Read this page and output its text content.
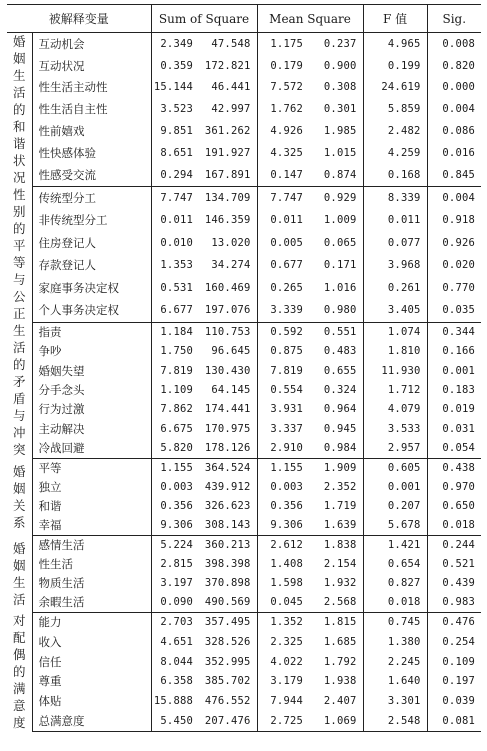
被解释变量		Sum of Square		Mean Square		F 值	Sig.
婚姻生活的和谐状况	互动机会	2.349	47.548	1.175	0.237	4.965	0.008
	互动状况	0.359	172.821	0.179	0.900	0.199	0.820
	性生活主动性	15.144	46.441	7.572	0.308	24.619	0.000
	性生活自主性	3.523	42.997	1.762	0.301	5.859	0.004
	性前嬉戏	9.851	361.262	4.926	1.985	2.482	0.086
	性快感体验	8.651	191.927	4.325	1.015	4.259	0.016
	性感受交流	0.294	167.891	0.147	0.874	0.168	0.845
性别的平等与公正	传统型分工	7.747	134.709	7.747	0.929	8.339	0.004
	非传统型分工	0.011	146.359	0.011	1.009	0.011	0.918
	住房登记人	0.010	13.020	0.005	0.065	0.077	0.926
	存款登记人	1.353	34.274	0.677	0.171	3.968	0.020
	家庭事务决定权	0.531	160.469	0.265	1.016	0.261	0.770
	个人事务决定权	6.677	197.076	3.339	0.980	3.405	0.035
生活的矛盾与冲突	指责	1.184	110.753	0.592	0.551	1.074	0.344
	争吵	1.750	96.645	0.875	0.483	1.810	0.166
	婚姻失望	7.819	130.430	7.819	0.655	11.930	0.001
	分手念头	1.109	64.145	0.554	0.324	1.712	0.183
	行为过激	7.862	174.441	3.931	0.964	4.079	0.019
	主动解决	6.675	170.975	3.337	0.945	3.533	0.031
	冷战回避	5.820	178.126	2.910	0.984	2.957	0.054
婚姻关系	平等	1.155	364.524	1.155	1.909	0.605	0.438
	独立	0.003	439.912	0.003	2.352	0.001	0.970
	和谐	0.356	326.623	0.356	1.719	0.207	0.650
	幸福	9.306	308.143	9.306	1.639	5.678	0.018
婚姻生活	感情生活	5.224	360.213	2.612	1.838	1.421	0.244
	性生活	2.815	398.398	1.408	2.154	0.654	0.521
	物质生活	3.197	370.898	1.598	1.932	0.827	0.439
	余暇生活	0.090	490.569	0.045	2.568	0.018	0.983
对配偶的满意度	能力	2.703	357.495	1.352	1.815	0.745	0.476
	收入	4.651	328.526	2.325	1.685	1.380	0.254
	信任	8.044	352.995	4.022	1.792	2.245	0.109
	尊重	6.358	385.702	3.179	1.938	1.640	0.197
	体贴	15.888	476.552	7.944	2.407	3.301	0.039
	总满意度	5.450	207.476	2.725	1.069	2.548	0.081
